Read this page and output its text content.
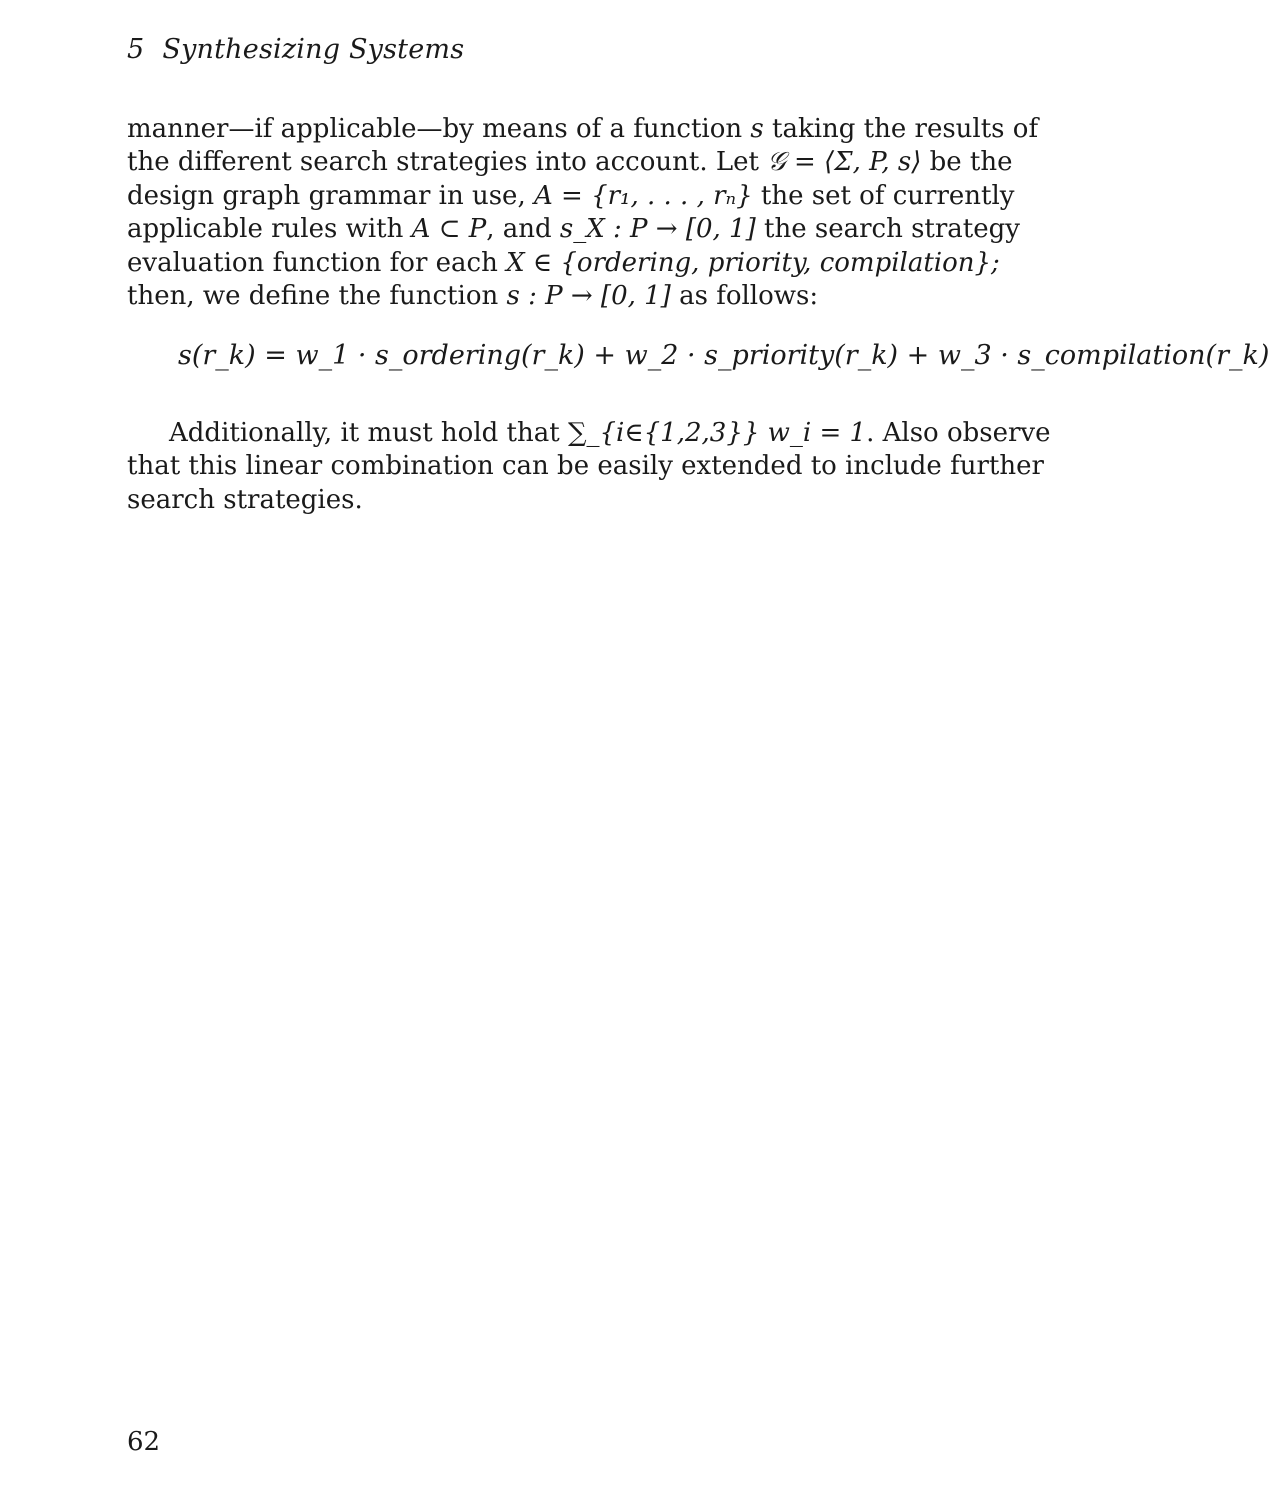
5 Synthesizing Systems
manner—if applicable—by means of a function s taking the results of
the different search strategies into account. Let 𝒢 = ⟨Σ, P, s⟩ be the
design graph grammar in use, A = {r₁, . . . , rₙ} the set of currently
applicable rules with A ⊂ P, and s_X : P → [0, 1] the search strategy
evaluation function for each X ∈ {ordering, priority, compilation};
then, we define the function s : P → [0, 1] as follows:
s(r_k) = w_1 · s_ordering(r_k) + w_2 · s_priority(r_k) + w_3 · s_compilation(r_k)
Additionally, it must hold that ∑_{i∈{1,2,3}} w_i = 1. Also observe
that this linear combination can be easily extended to include further
search strategies.
62
